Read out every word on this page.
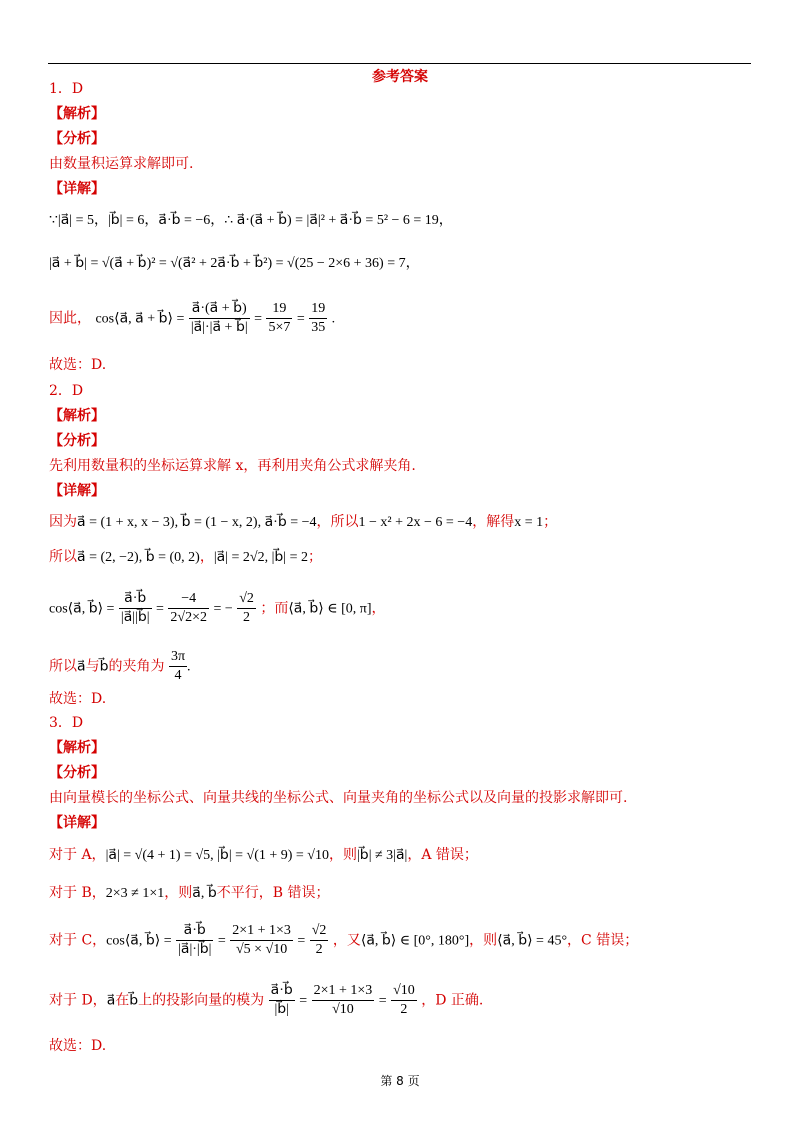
参考答案
1．D
【解析】
【分析】
由数量积运算求解即可.
【详解】
∵|a⃗| = 5，|b⃗| = 6，a⃗·b⃗ = −6，∴ a⃗·(a⃗ + b⃗) = |a⃗|² + a⃗·b⃗ = 5² − 6 = 19，
|a⃗ + b⃗| = √(a⃗ + b⃗)² = √(a⃗² + 2a⃗·b⃗ + b⃗²) = √(25 − 2×6 + 36) = 7，
因此， cos⟨a⃗, a⃗ + b⃗⟩ = $\frac{a⃗\cdot(a⃗ + b⃗)}{|a⃗|\cdot|a⃗ + b⃗|} = \frac{19}{5\times 7} = \frac{19}{35}$ .
故选：D.
2．D
【解析】
【分析】
先利用数量积的坐标运算求解 x，再利用夹角公式求解夹角.
【详解】
因为a⃗ = (1 + x, x − 3), b⃗ = (1 − x, 2), a⃗·b⃗ = −4，所以1 − x² + 2x − 6 = −4，解得x = 1；
所以a⃗ = (2, −2), b⃗ = (0, 2)，|a⃗| = 2√2, |b⃗| = 2；
cos⟨a⃗, b⃗⟩ = $\frac{a⃗\cdot b⃗}{|a⃗||b⃗|} = \frac{-4}{2√2\times 2}$ = − $\frac{√2}{2}$ ；而⟨a⃗, b⃗⟩ ∈ [0, π]，
所以a⃗与b⃗的夹角为 $\frac{3\pi}{4}$ .
故选：D.
3．D
【解析】
【分析】
由向量模长的坐标公式、向量共线的坐标公式、向量夹角的坐标公式以及向量的投影求解即可.
【详解】
对于 A，|a⃗| = √(4 + 1) = √5, |b⃗| = √(1 + 9) = √10，则|b⃗| ≠ 3|a⃗|，A 错误；
对于 B，2×3 ≠ 1×1，则a⃗, b⃗不平行，B 错误；
对于 C，cos⟨a⃗, b⃗⟩ = $\frac{a⃗\cdot b⃗}{|a⃗|\cdot|b⃗|} = \frac{2\times 1 + 1\times 3}{√5 \times √10} = \frac{√2}{2}$ ，又⟨a⃗, b⃗⟩ ∈ [0°, 180°]，则⟨a⃗, b⃗⟩ = 45°，C 错误；
对于 D，a⃗在b⃗上的投影向量的模为 $\frac{a⃗\cdot b⃗}{|b⃗|} = \frac{2\times 1 + 1\times 3}{√10} = \frac{√10}{2}$ ，D 正确.
故选：D.
第 8 页
